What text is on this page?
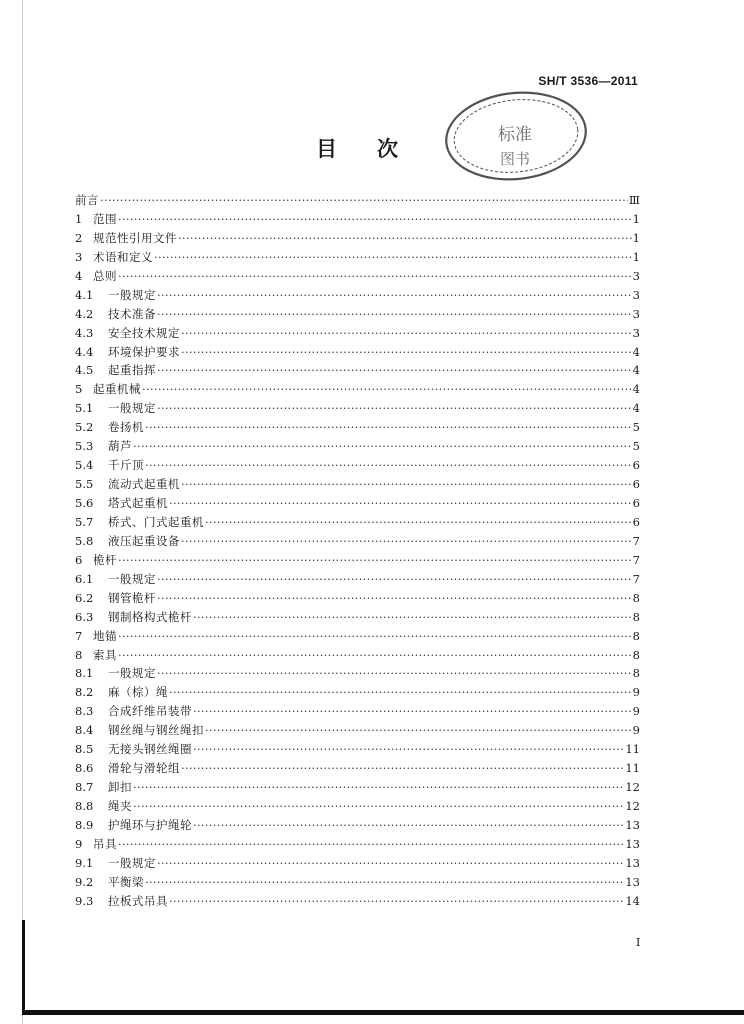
SH/T 3536—2011
标准
图书
目次
前言 ·····	Ⅲ
1 范围 ·····	1
2 规范性引用文件 ·····	1
3 术语和定义 ·····	1
4 总则 ·····	3
4.1	一般规定 ·····	3
4.2	技术准备 ·····	3
4.3	安全技术规定 ·····	3
4.4	环境保护要求 ·····	4
4.5	起重指挥 ·····	4
5 起重机械 ·····	4
5.1	一般规定 ·····	4
5.2	卷扬机 ·····	5
5.3	葫芦 ·····	5
5.4	千斤顶 ·····	6
5.5	流动式起重机 ·····	6
5.6	塔式起重机 ·····	6
5.7	桥式、门式起重机 ·····	6
5.8	液压起重设备 ·····	7
6 桅杆 ·····	7
6.1	一般规定 ·····	7
6.2	钢管桅杆 ·····	8
6.3	钢制格构式桅杆 ·····	8
7 地锚 ·····	8
8 索具 ·····	8
8.1	一般规定 ·····	8
8.2	麻（棕）绳 ·····	9
8.3	合成纤维吊装带 ·····	9
8.4	钢丝绳与钢丝绳扣 ·····	9
8.5	无接头钢丝绳圈 ·····	11
8.6	滑轮与滑轮组 ·····	11
8.7	卸扣 ·····	12
8.8	绳夹 ·····	12
8.9	护绳环与护绳轮 ·····	13
9 吊具 ·····	13
9.1	一般规定 ·····	13
9.2	平衡梁 ·····	13
9.3	拉板式吊具 ·····	14
I
